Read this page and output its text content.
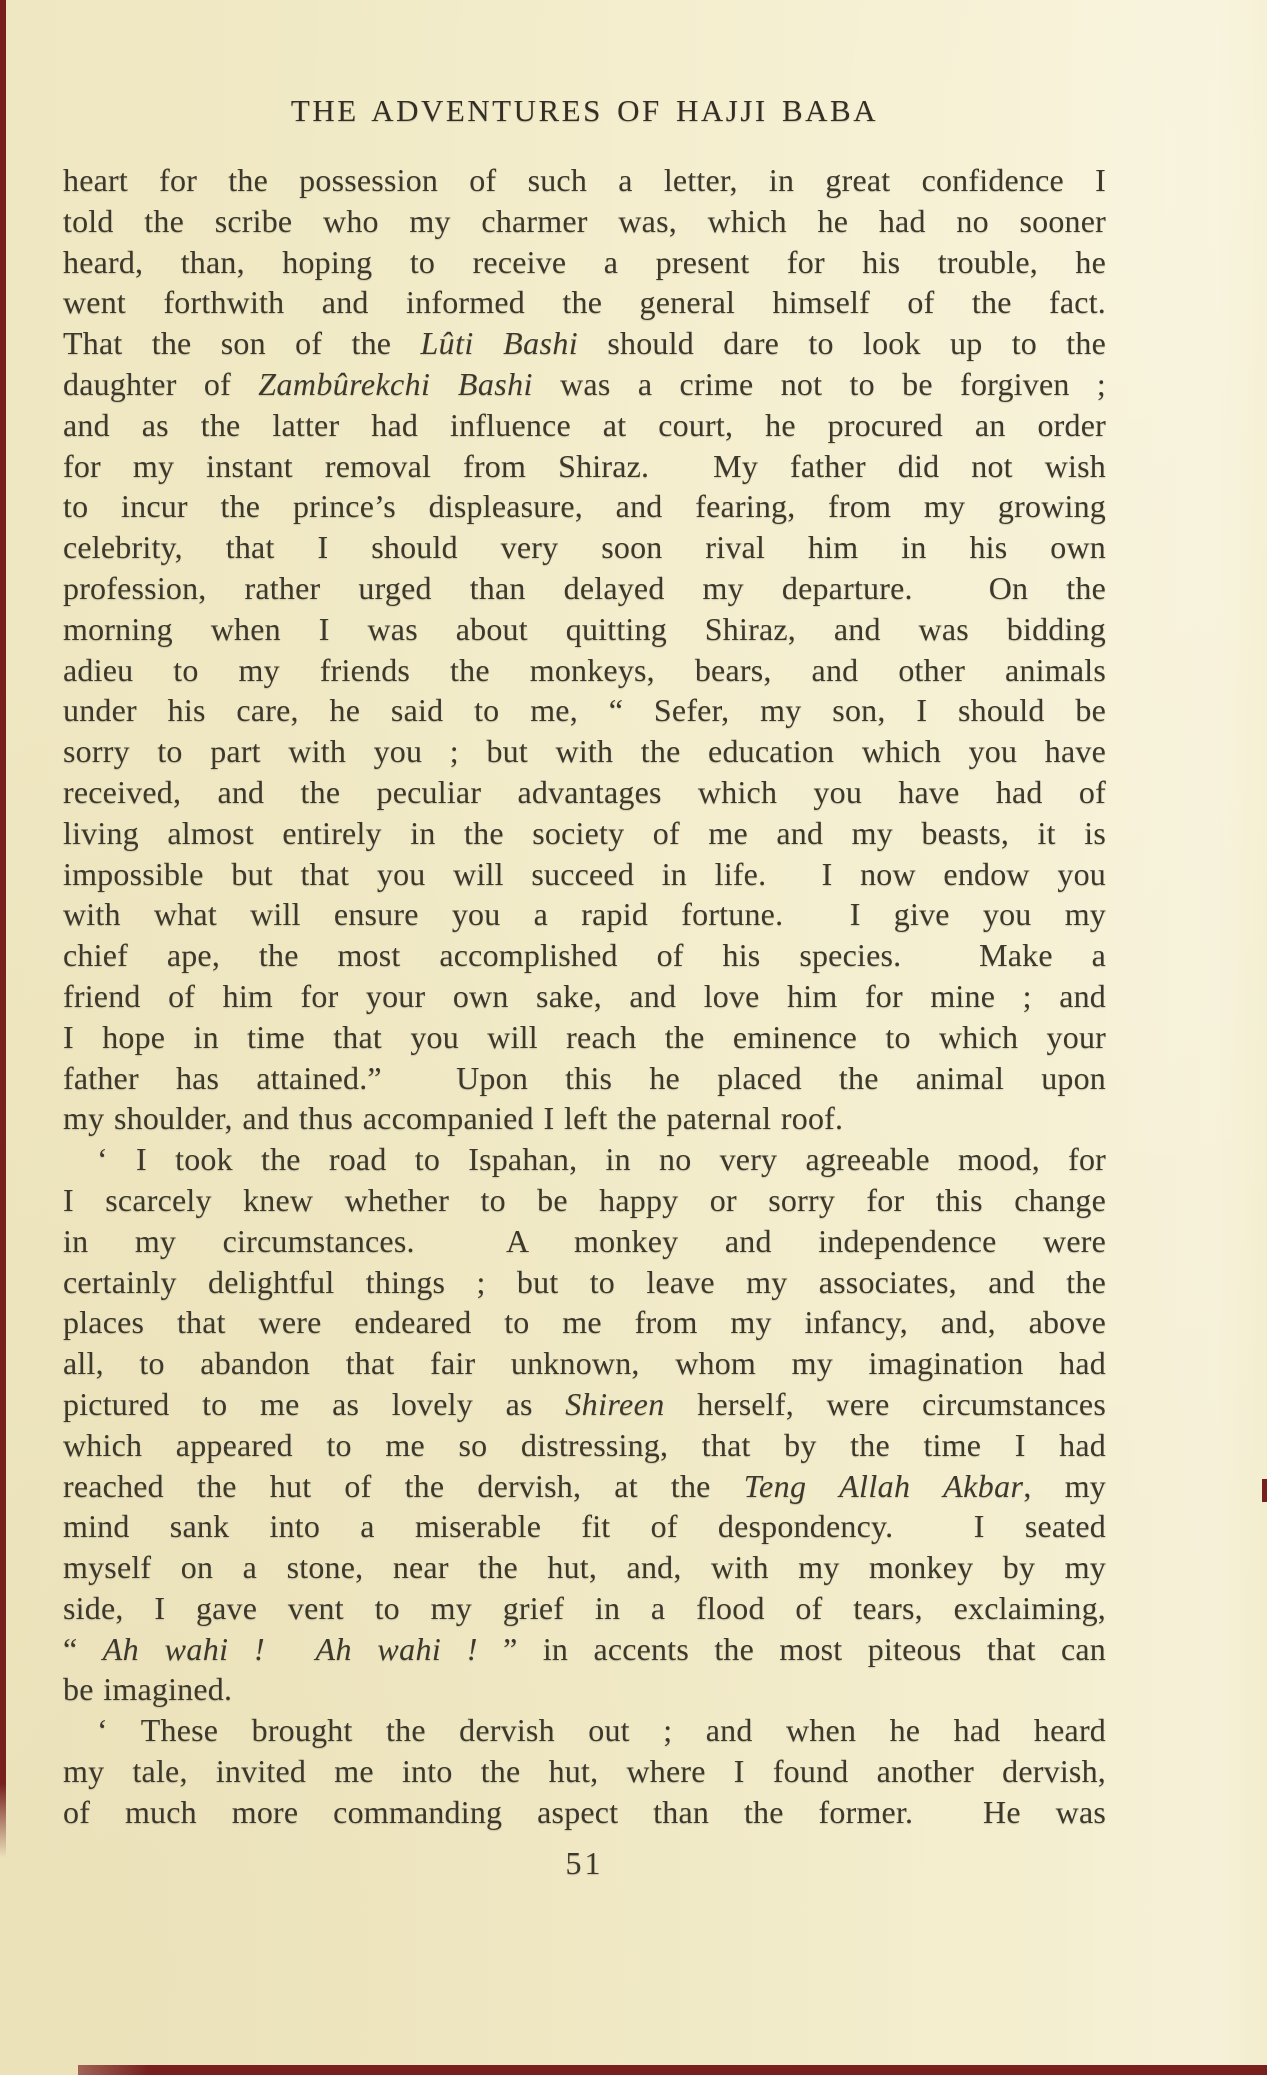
THE ADVENTURES OF HAJJI BABA
heart for the possession of such a letter, in great confidence I
told the scribe who my charmer was, which he had no sooner
heard, than, hoping to receive a present for his trouble, he
went forthwith and informed the general himself of the fact.
That the son of the Lûti Bashi should dare to look up to the
daughter of Zambûrekchi Bashi was a crime not to be forgiven ;
and as the latter had influence at court, he procured an order
for my instant removal from Shiraz.  My father did not wish
to incur the prince’s displeasure, and fearing, from my growing
celebrity, that I should very soon rival him in his own
profession, rather urged than delayed my departure.  On the
morning when I was about quitting Shiraz, and was bidding
adieu to my friends the monkeys, bears, and other animals
under his care, he said to me, “ Sefer, my son, I should be
sorry to part with you ; but with the education which you have
received, and the peculiar advantages which you have had of
living almost entirely in the society of me and my beasts, it is
impossible but that you will succeed in life.  I now endow you
with what will ensure you a rapid fortune.  I give you my
chief ape, the most accomplished of his species.  Make a
friend of him for your own sake, and love him for mine ; and
I hope in time that you will reach the eminence to which your
father has attained.”  Upon this he placed the animal upon
my shoulder, and thus accompanied I left the paternal roof.
‘ I took the road to Ispahan, in no very agreeable mood, for
I scarcely knew whether to be happy or sorry for this change
in my circumstances.  A monkey and independence were
certainly delightful things ; but to leave my associates, and the
places that were endeared to me from my infancy, and, above
all, to abandon that fair unknown, whom my imagination had
pictured to me as lovely as Shireen herself, were circumstances
which appeared to me so distressing, that by the time I had
reached the hut of the dervish, at the Teng Allah Akbar, my
mind sank into a miserable fit of despondency.  I seated
myself on a stone, near the hut, and, with my monkey by my
side, I gave vent to my grief in a flood of tears, exclaiming,
“ Ah wahi !  Ah wahi ! ” in accents the most piteous that can
be imagined.
‘ These brought the dervish out ; and when he had heard
my tale, invited me into the hut, where I found another dervish,
of much more commanding aspect than the former.  He was
51
